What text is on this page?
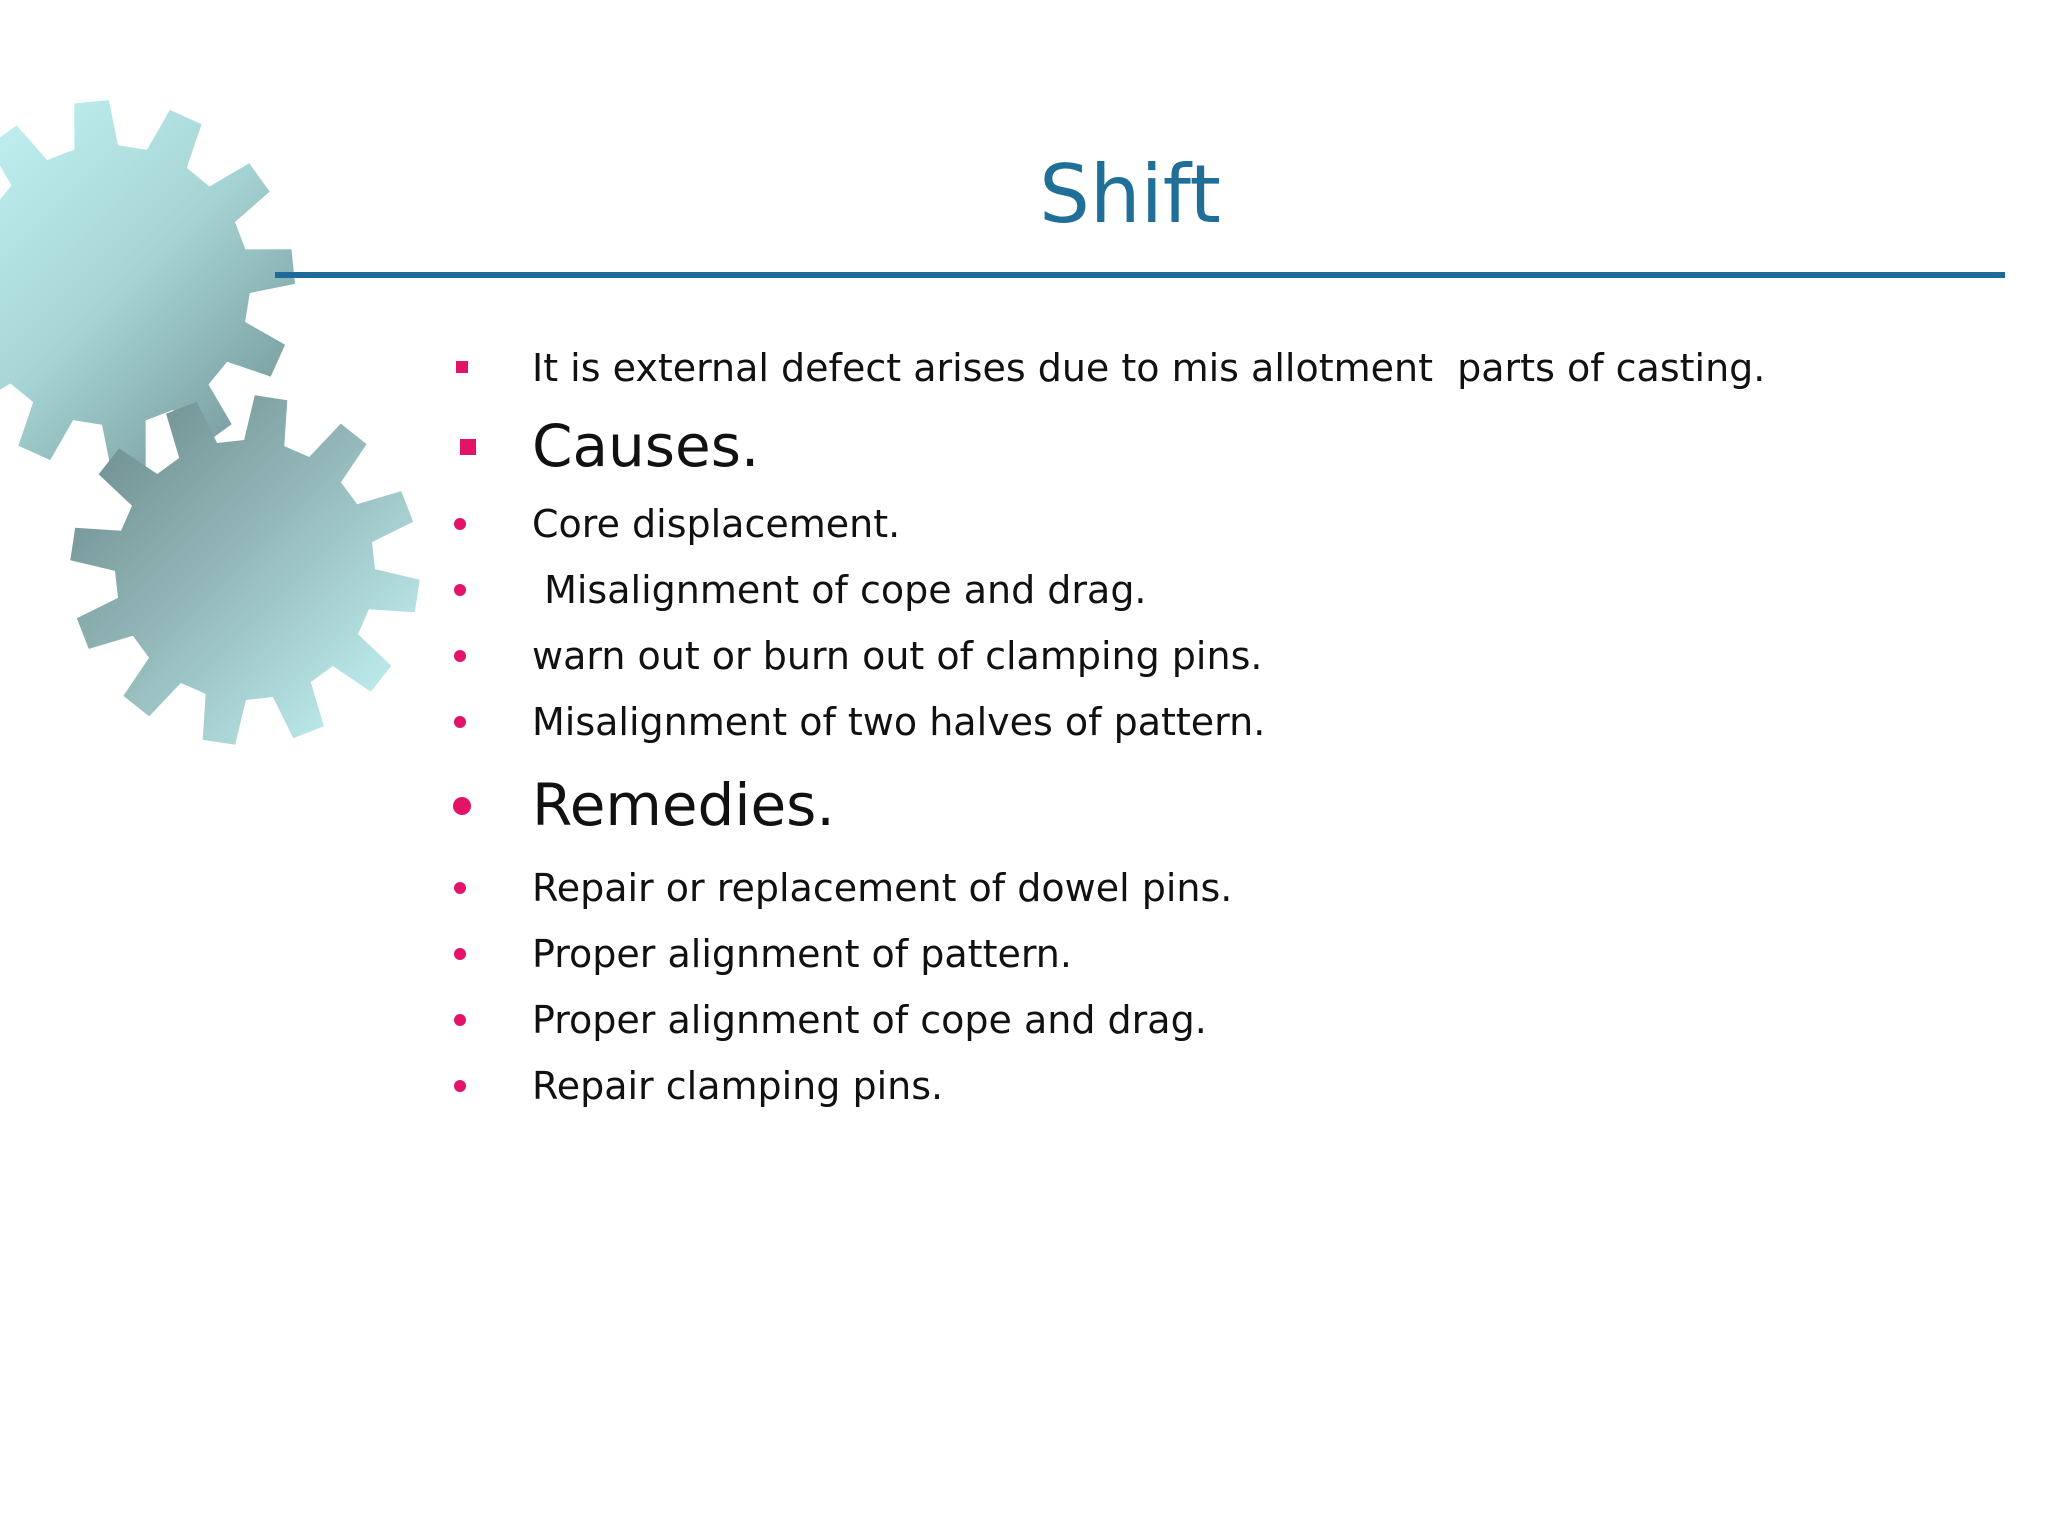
Shift
It is external defect arises due to mis allotment  parts of casting.
Causes.
Core displacement.
Misalignment of cope and drag.
warn out or burn out of clamping pins.
Misalignment of two halves of pattern.
Remedies.
Repair or replacement of dowel pins.
Proper alignment of pattern.
Proper alignment of cope and drag.
Repair clamping pins.
